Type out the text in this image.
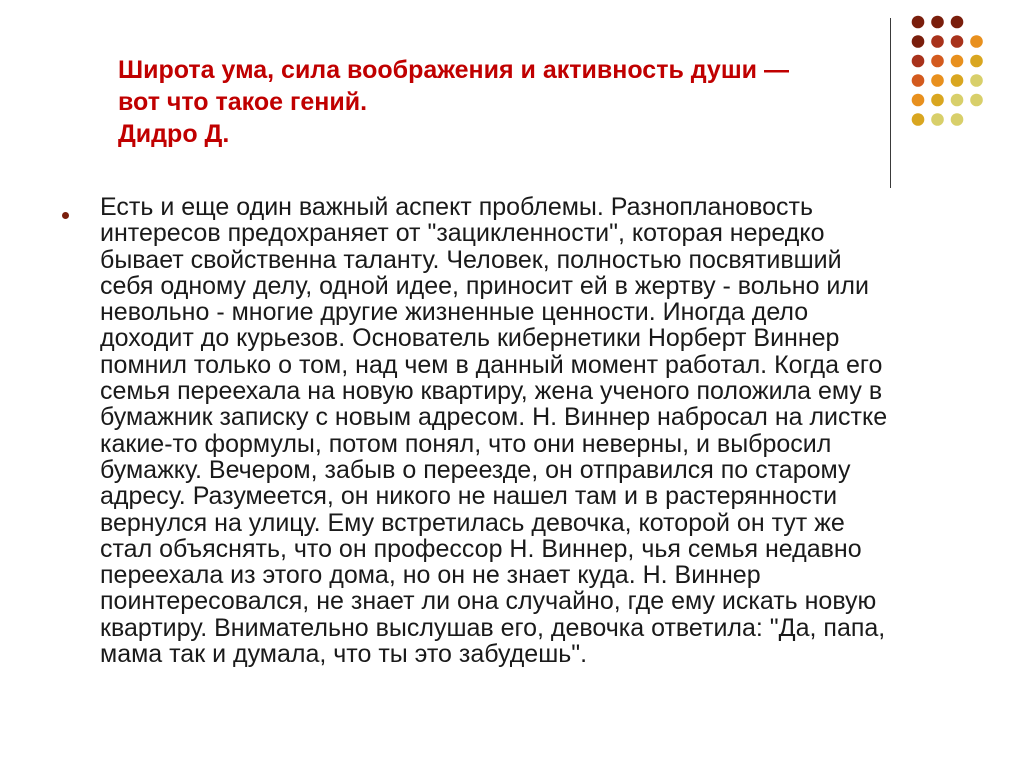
Широта ума, сила воображения и активность души —
вот что такое гений.
Дидро Д.
Есть и еще один важный аспект проблемы. Разноплановость
интересов предохраняет от "зацикленности", которая нередко
бывает свойственна таланту. Человек, полностью посвятивший
себя одному делу, одной идее, приносит ей в жертву - вольно или
невольно - многие другие жизненные ценности. Иногда дело
доходит до курьезов. Основатель кибернетики Норберт Виннер
помнил только о том, над чем в данный момент работал. Когда его
семья переехала на новую квартиру, жена ученого положила ему в
бумажник записку с новым адресом. Н. Виннер набросал на листке
какие-то формулы, потом понял, что они неверны, и выбросил
бумажку. Вечером, забыв о переезде, он отправился по старому
адресу. Разумеется, он никого не нашел там и в растерянности
вернулся на улицу. Ему встретилась девочка, которой он тут же
стал объяснять, что он профессор Н. Виннер, чья семья недавно
переехала из этого дома, но он не знает куда. Н. Виннер
поинтересовался, не знает ли она случайно, где ему искать новую
квартиру. Внимательно выслушав его, девочка ответила: "Да, папа,
мама так и думала, что ты это забудешь".
